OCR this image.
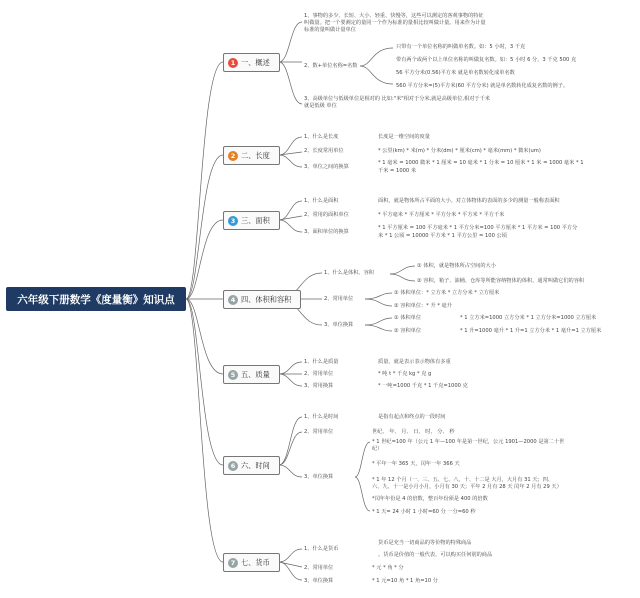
六年级下册数学《度量衡》知识点
1 一、概述
2 二、长度
3 三、面积
4 四、体积和容积
5 五、质量
6 六、时间
7 七、货币
1、事物的多少、长短、大小、轻重、快慢等，这些可以测定的客观事物的特征
叫做量。把一个要测定的量同一个作为标准的量相比较叫做计量。用来作为计量
标准的量叫做计量单位
2、数+单位名称=名数
只带有一个单位名称的叫做单名数。如：5 小时，3 千克
带有两个或两个以上单位名称的叫做复名数。如：5 小时 6 分，3 千克 500 克
56 平方分米(0.56)平方米 就是单名数转化成单名数
560 平方分米=(5)平方米(60 平方分米) 就是单名数转化成复名数的例子。
3、高级单位与低级单位是相对的 比如:"米"相对于分米,就是高级单位,相对于千米
就是低级 单位
1、什么是长度	长度是一维空间的度量
2、长度常用单位	* 公里(km) * 米(m) * 分米(dm) * 厘米(cm) * 毫米(mm) * 微米(um)
3、单位之间的换算
* 1 毫米 = 1000 微米 * 1 厘米 = 10 毫米 * 1 分米 = 10 厘米 * 1 米 = 1000 毫米 * 1
千米 = 1000 米
1、什么是面积	面积，就是物体所占平面的大小。对立体物体的表面的多少的测量一般称表面积
2、常用的面积单位	* 平方毫米 * 平方厘米 * 平方分米 * 平方米 * 平方千米
3、面积单位的换算
* 1 平方厘米 = 100 平方毫米 * 1 平方分米=100 平方厘米 * 1 平方米 = 100 平方分
米 * 1 公顷 = 10000 平方米 * 1 平方公里 = 100 公顷
1、什么是体积、容积
① 体积，就是物体所占空间的大小
② 容积，箱子、油桶、仓库等所能容纳物体的体积，通常叫做它们的容积
2、常用单位
① 体积单位：* 立方米 * 立方分米 * 立方厘米
② 容积单位：* 升 * 毫升
3、单位换算
① 体积单位	* 1 立方米=1000 立方分米 * 1 立方分米=1000 立方厘米
② 容积单位	* 1 升=1000 毫升 * 1 升=1 立方分米 * 1 毫升=1 立方厘米
1、什么是质量	质量，就是表示表示物体有多重
2、常用单位	* 吨 t * 千克 kg * 克 g
3、常用换算	* 一吨=1000 千克 * 1 千克=1000 克
1、什么是时间	是指有起点和终点的一段时间
2、常用单位	世纪、 年、 月、 日、 时、 分、 秒
3、单位换算
* 1 世纪=100 年（公元 1 年—100 年是第一世纪，公元 1901—2000 是第二十世
纪）
* 平年一年 365 天，闰年一年 366 天
* 1 年 12 个月（一、三、五、七、八、十、十二是 大月，大月有 31 天；四、
六、九、十一是小月小月，小月有 30 天；平年 2 月有 28 天 闰年 2 月有 29 天）
*闰年年份是 4 的倍数，整百年份须是 400 的倍数
* 1 天= 24 小时 1 小时=60 分 一分=60 秒
1、什么是货币
货币是充当一切商品的等价物的特殊商品
。货币是价值的一般代表，可以购买任何别的商品
2、常用单位	* 元 * 角 * 分
3、单位换算	* 1 元=10 角 * 1 角=10 分
